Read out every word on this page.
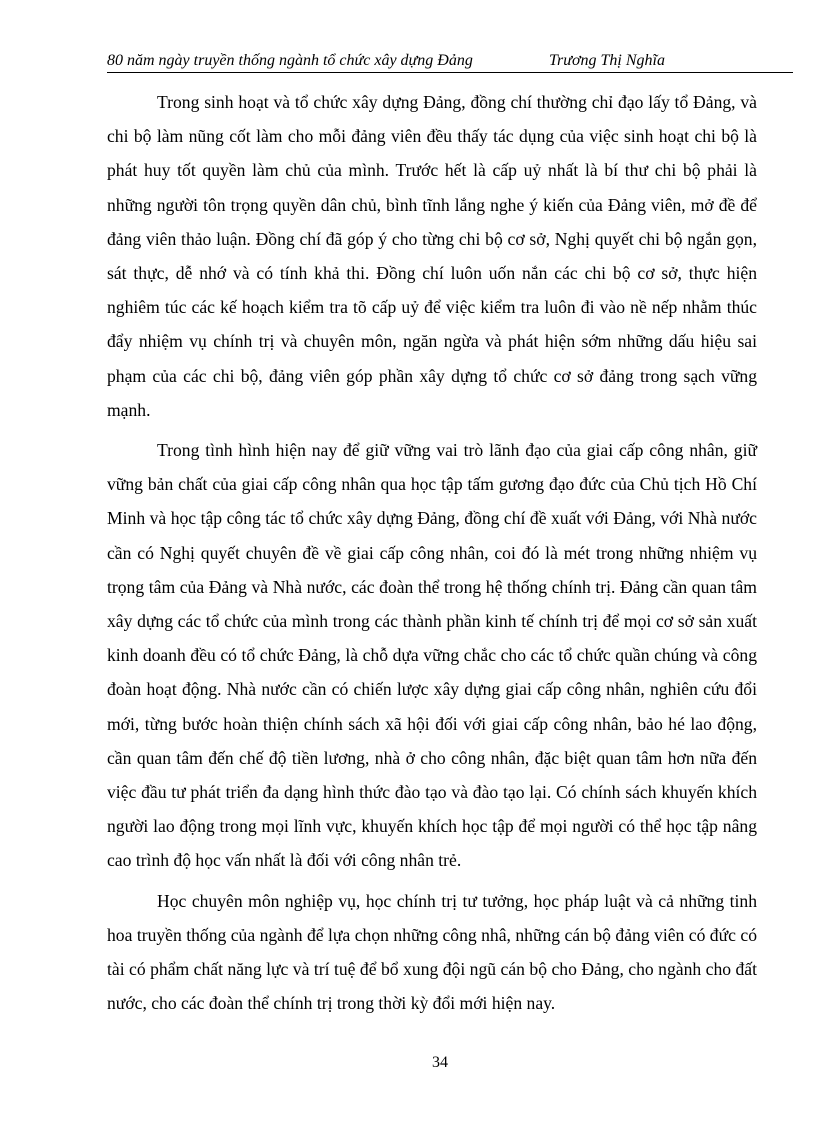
80 năm ngày truyền thống ngành tổ chức xây dựng Đảng	Trương Thị Nghĩa

Trong sinh hoạt và tổ chức xây dựng Đảng, đồng chí thường chỉ đạo lấy tổ Đảng, và chi bộ làm nũng cốt làm cho mỗi đảng viên đều thấy tác dụng của việc sinh hoạt chi bộ là phát huy tốt quyền làm chủ của mình. Trước hết là cấp uỷ nhất là bí thư chi bộ phải là những người tôn trọng quyền dân chủ, bình tĩnh lắng nghe ý kiến của Đảng viên, mở đề để đảng viên thảo luận. Đồng chí đã góp ý cho từng chi bộ cơ sở, Nghị quyết chi bộ ngắn gọn, sát thực, dễ nhớ và có tính khả thi. Đồng chí luôn uốn nắn các chi bộ cơ sở, thực hiện nghiêm túc các kế hoạch kiểm tra tõ cấp uỷ để việc kiểm tra luôn đi vào nề nếp nhằm thúc đẩy nhiệm vụ chính trị và chuyên môn, ngăn ngừa và phát hiện sớm những dấu hiệu sai phạm của các chi bộ, đảng viên góp phần xây dựng tổ chức cơ sở đảng trong sạch vững mạnh.

Trong tình hình hiện nay để giữ vững vai trò lãnh đạo của giai cấp công nhân, giữ vững bản chất của giai cấp công nhân qua học tập tấm gương đạo đức của Chủ tịch Hồ Chí Minh và học tập công tác tổ chức xây dựng Đảng, đồng chí đề xuất với Đảng, với Nhà nước cần có Nghị quyết chuyên đề về giai cấp công nhân, coi đó là mét trong những nhiệm vụ trọng tâm của Đảng và Nhà nước, các đoàn thể trong hệ thống chính trị. Đảng cần quan tâm xây dựng các tổ chức của mình trong các thành phần kinh tế chính trị để mọi cơ sở sản xuất kinh doanh đều có tổ chức Đảng, là chỗ dựa vững chắc cho các tổ chức quần chúng và công đoàn hoạt động. Nhà nước cần có chiến lược xây dựng giai cấp công nhân, nghiên cứu đổi mới, từng bước hoàn thiện chính sách xã hội đối với giai cấp công nhân, bảo hé lao động, cần quan tâm đến chế độ tiền lương, nhà ở cho công nhân, đặc biệt quan tâm hơn nữa đến việc đầu tư phát triển đa dạng hình thức đào tạo và đào tạo lại. Có chính sách khuyến khích người lao động trong mọi lĩnh vực, khuyến khích học tập để mọi người có thể học tập nâng cao trình độ học vấn nhất là đối với công nhân trẻ.

Học chuyên môn nghiệp vụ, học chính trị tư tưởng, học pháp luật và cả những tinh hoa truyền thống của ngành để lựa chọn những công nhâ, những cán bộ đảng viên có đức có tài có phẩm chất năng lực và trí tuệ để bổ xung đội ngũ cán bộ cho Đảng, cho ngành cho đất nước, cho các đoàn thể chính trị trong thời kỳ đổi mới hiện nay.

34
